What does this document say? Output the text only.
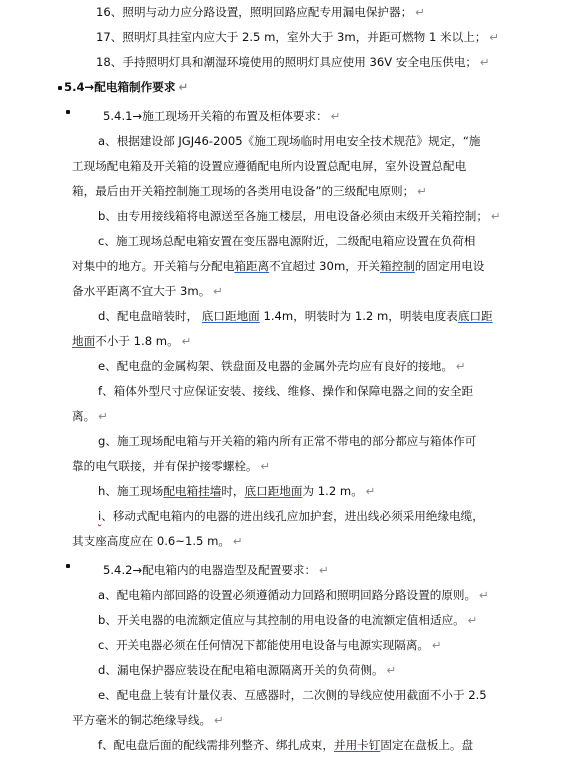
16、照明与动力应分路设置，照明回路应配专用漏电保护器； ↵
17、照明灯具挂室内应大于 2.5 m，室外大于 3m，并距可燃物 1 米以上； ↵
18、手持照明灯具和潮湿环境使用的照明灯具应使用 36V 安全电压供电； ↵
5.4→配电箱制作要求 ↵
5.4.1→施工现场开关箱的布置及柜体要求： ↵
a、根据建设部 JGJ46-2005《施工现场临时用电安全技术规范》规定，“施
工现场配电箱及开关箱的设置应遵循配电所内设置总配电屏，室外设置总配电
箱，最后由开关箱控制施工现场的各类用电设备”的三级配电原则； ↵
b、由专用接线箱将电源送至各施工楼层，用电设备必须由末级开关箱控制； ↵
c、施工现场总配电箱安置在变压器电源附近，二级配电箱应设置在负荷相
对集中的地方。开关箱与分配电箱距离不宜超过 30m，开关箱控制的固定用电设
备水平距离不宜大于 3m。 ↵
d、配电盘暗装时， 底口距地面 1.4m，明装时为 1.2 m，明装电度表底口距
地面不小于 1.8 m。 ↵
e、配电盘的金属构架、铁盘面及电器的金属外壳均应有良好的接地。 ↵
f、箱体外型尺寸应保证安装、接线、维修、操作和保障电器之间的安全距
离。 ↵
g、施工现场配电箱与开关箱的箱内所有正常不带电的部分都应与箱体作可
靠的电气联接，并有保护接零螺栓。 ↵
h、施工现场配电箱挂墙时，底口距地面为 1.2 m。 ↵
i、移动式配电箱内的电器的进出线孔应加护套，进出线必须采用绝缘电缆，
其支座高度应在 0.6~1.5 m。 ↵
5.4.2→配电箱内的电器造型及配置要求： ↵
a、配电箱内部回路的设置必须遵循动力回路和照明回路分路设置的原则。 ↵
b、开关电器的电流额定值应与其控制的用电设备的电流额定值相适应。 ↵
c、开关电器必须在任何情况下都能使用电设备与电源实现隔离。 ↵
d、漏电保护器应装设在配电箱电源隔离开关的负荷侧。 ↵
e、配电盘上装有计量仪表、互感器时，二次侧的导线应使用截面不小于 2.5
平方毫米的铜芯绝缘导线。 ↵
f、配电盘后面的配线需排列整齐、绑扎成束，并用卡钉固定在盘板上。盘
